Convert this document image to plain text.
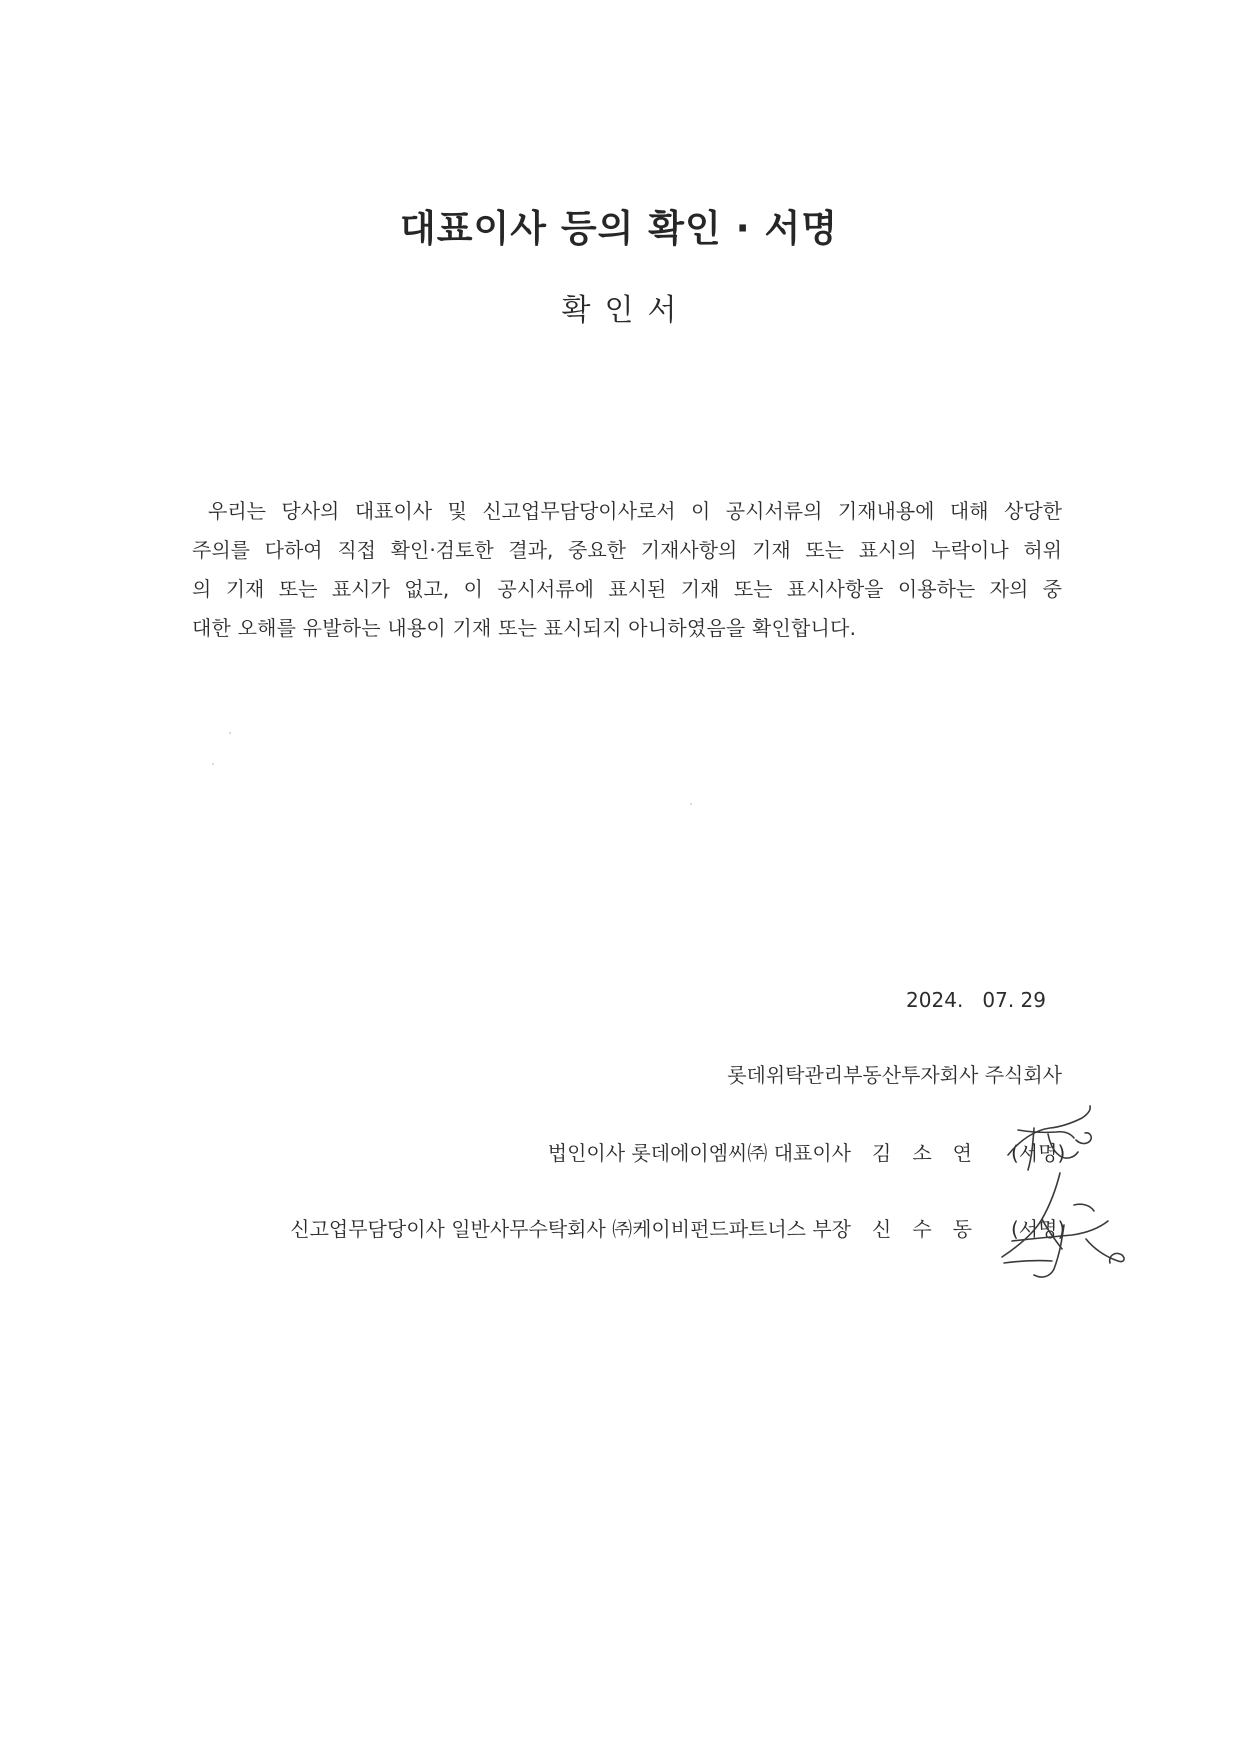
대표이사 등의 확인 · 서명
확인서
우리는 당사의 대표이사 및 신고업무담당이사로서 이 공시서류의 기재내용에 대해 상당한
주의를 다하여 직접 확인·검토한 결과, 중요한 기재사항의 기재 또는 표시의 누락이나 허위
의 기재 또는 표시가 없고, 이 공시서류에 표시된 기재 또는 표시사항을 이용하는 자의 중
대한 오해를 유발하는 내용이 기재 또는 표시되지 아니하였음을 확인합니다.
2024.   07. 29
롯데위탁관리부동산투자회사 주식회사
법인이사 롯데에이엠씨㈜ 대표이사 김소연 (서명)
신고업무담당이사 일반사무수탁회사 ㈜케이비펀드파트너스 부장 신수동 (서명)
